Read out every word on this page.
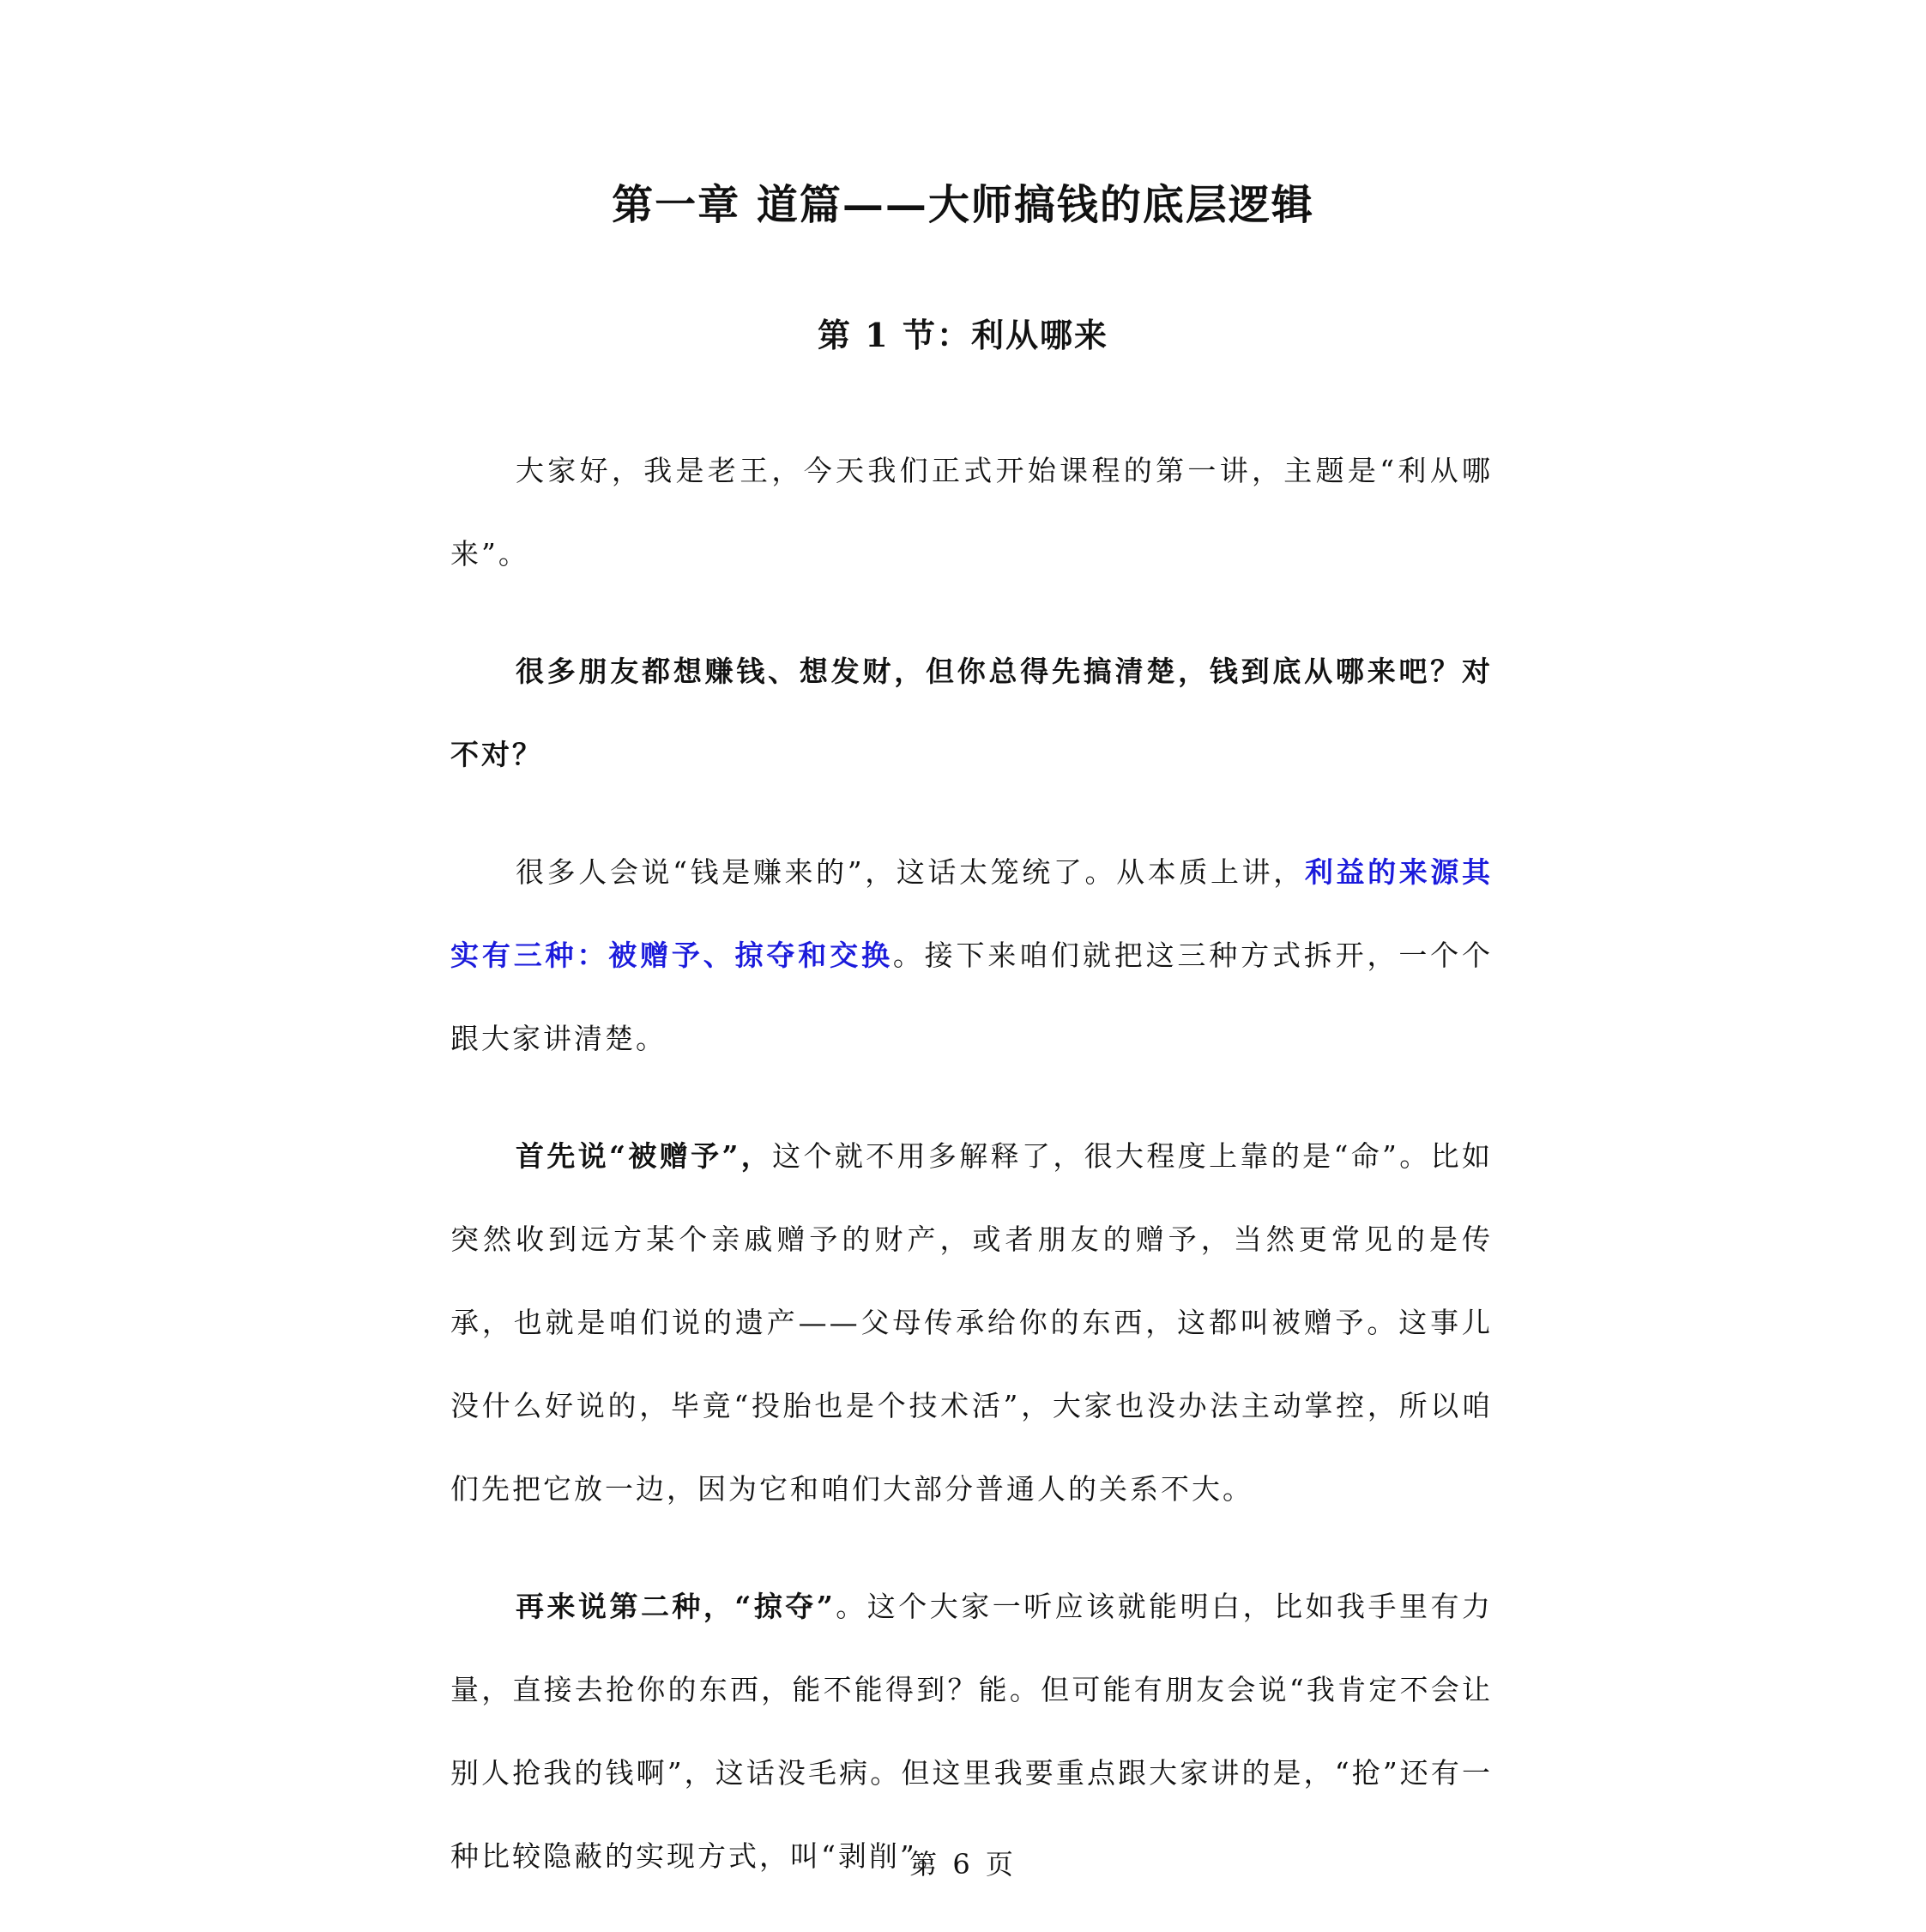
第一章 道篇——大师搞钱的底层逻辑
第 1 节：利从哪来

大家好，我是老王，今天我们正式开始课程的第一讲，主题是“利从哪来”。

很多朋友都想赚钱、想发财，但你总得先搞清楚，钱到底从哪来吧？对不对？

很多人会说“钱是赚来的”，这话太笼统了。从本质上讲，利益的来源其实有三种：被赠予、掠夺和交换。接下来咱们就把这三种方式拆开，一个个跟大家讲清楚。

首先说“被赠予”，这个就不用多解释了，很大程度上靠的是“命”。比如突然收到远方某个亲戚赠予的财产，或者朋友的赠予，当然更常见的是传承，也就是咱们说的遗产——父母传承给你的东西，这都叫被赠予。这事儿没什么好说的，毕竟“投胎也是个技术活”，大家也没办法主动掌控，所以咱们先把它放一边，因为它和咱们大部分普通人的关系不大。

再来说第二种，“掠夺”。这个大家一听应该就能明白，比如我手里有力量，直接去抢你的东西，能不能得到？能。但可能有朋友会说“我肯定不会让别人抢我的钱啊”，这话没毛病。但这里我要重点跟大家讲的是，“抢”还有一种比较隐蔽的实现方式，叫“剥削”。

第 6 页
